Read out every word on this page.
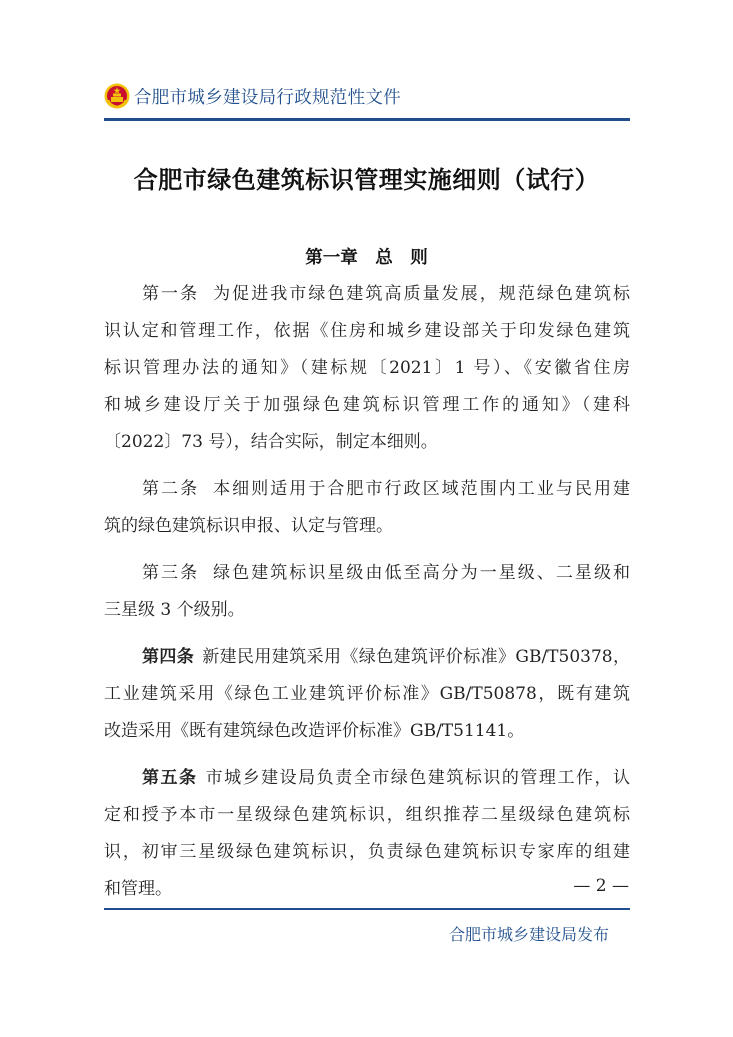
合肥市城乡建设局行政规范性文件
合肥市绿色建筑标识管理实施细则（试行）
第一章　总　则
第一条 为促进我市绿色建筑高质量发展，规范绿色建筑标
识认定和管理工作，依据《住房和城乡建设部关于印发绿色建筑
标识管理办法的通知》（建标规〔2021〕1 号）、《安徽省住房
和城乡建设厅关于加强绿色建筑标识管理工作的通知》（建科
〔2022〕73 号），结合实际，制定本细则。
第二条 本细则适用于合肥市行政区域范围内工业与民用建
筑的绿色建筑标识申报、认定与管理。
第三条 绿色建筑标识星级由低至高分为一星级、二星级和
三星级 3 个级别。
第四条 新建民用建筑采用《绿色建筑评价标准》GB/T50378，
工业建筑采用《绿色工业建筑评价标准》GB/T50878，既有建筑
改造采用《既有建筑绿色改造评价标准》GB/T51141。
第五条 市城乡建设局负责全市绿色建筑标识的管理工作，认
定和授予本市一星级绿色建筑标识，组织推荐二星级绿色建筑标
识，初审三星级绿色建筑标识，负责绿色建筑标识专家库的组建
和管理。	— 2 —
合肥市城乡建设局发布
